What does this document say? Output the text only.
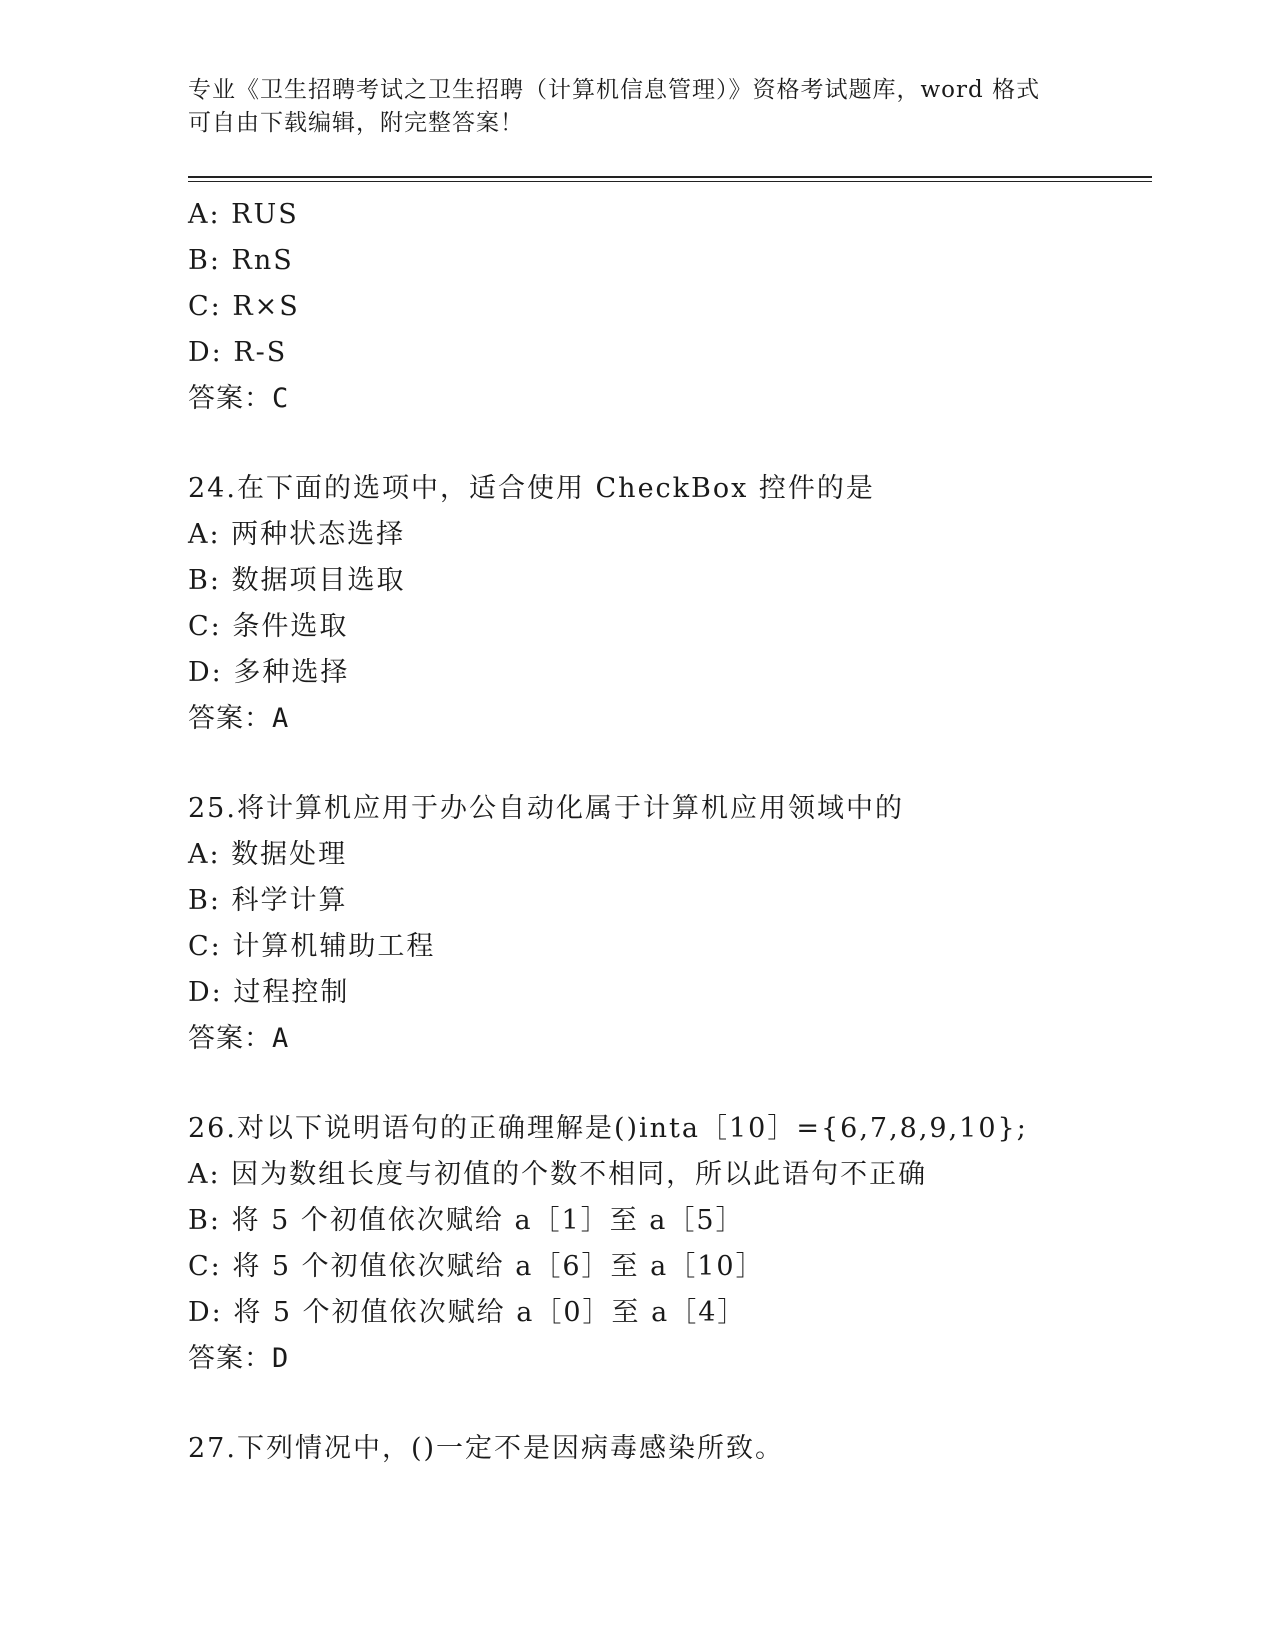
专业《卫生招聘考试之卫生招聘（计算机信息管理）》资格考试题库，word 格式
可自由下载编辑，附完整答案！
A: RUS
B: RnS
C: R×S
D: R-S
答案：C
24.在下面的选项中，适合使用 CheckBox 控件的是
A: 两种状态选择
B: 数据项目选取
C: 条件选取
D: 多种选择
答案：A
25.将计算机应用于办公自动化属于计算机应用领域中的
A: 数据处理
B: 科学计算
C: 计算机辅助工程
D: 过程控制
答案：A
26.对以下说明语句的正确理解是()inta［10］={6,7,8,9,10};
A: 因为数组长度与初值的个数不相同，所以此语句不正确
B: 将 5 个初值依次赋给 a［1］至 a［5］
C: 将 5 个初值依次赋给 a［6］至 a［10］
D: 将 5 个初值依次赋给 a［0］至 a［4］
答案：D
27.下列情况中，()一定不是因病毒感染所致。
